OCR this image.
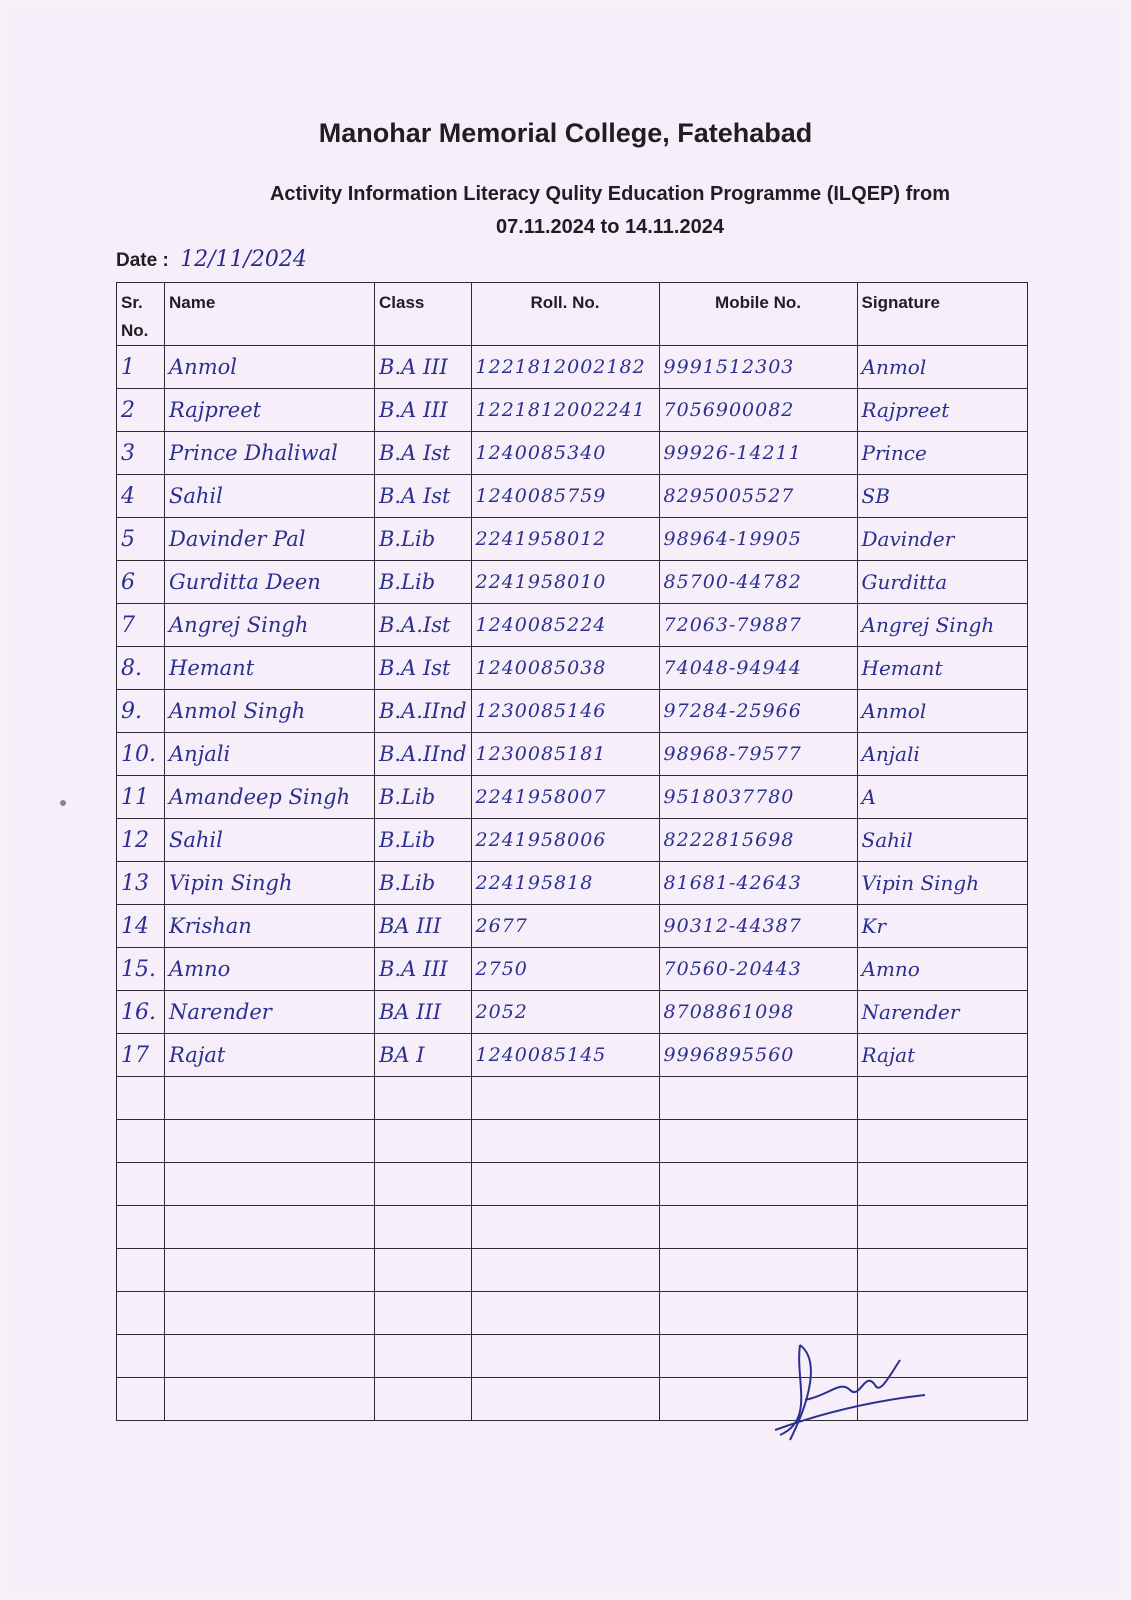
Manohar Memorial College, Fatehabad
Activity Information Literacy Qulity Education Programme (ILQEP) from
07.11.2024 to 14.11.2024
Date : 12/11/2024
Sr. No.	Name	Class	Roll. No.	Mobile No.	Signature
1	Anmol	B.A III	1221812002182	9991512303	Anmol
2	Rajpreet	B.A III	1221812002241	7056900082	Rajpreet
3	Prince Dhaliwal	B.A Ist	1240085340	99926-14211	Prince
4	Sahil	B.A Ist	1240085759	8295005527	SB
5	Davinder Pal	B.Lib	2241958012	98964-19905	Davinder
6	Gurditta Deen	B.Lib	2241958010	85700-44782	Gurditta
7	Angrej Singh	B.A.Ist	1240085224	72063-79887	Angrej Singh
8.	Hemant	B.A Ist	1240085038	74048-94944	Hemant
9.	Anmol Singh	B.A.IInd	1230085146	97284-25966	Anmol
10.	Anjali	B.A.IInd	1230085181	98968-79577	Anjali
11	Amandeep Singh	B.Lib	2241958007	9518037780	A
12	Sahil	B.Lib	2241958006	8222815698	Sahil
13	Vipin Singh	B.Lib	224195818	81681-42643	Vipin Singh
14	Krishan	BA III	2677	90312-44387	Kr
15.	Amno	B.A III	2750	70560-20443	Amno
16.	Narender	BA III	2052	8708861098	Narender
17	Rajat	BA I	1240085145	9996895560	Rajat
